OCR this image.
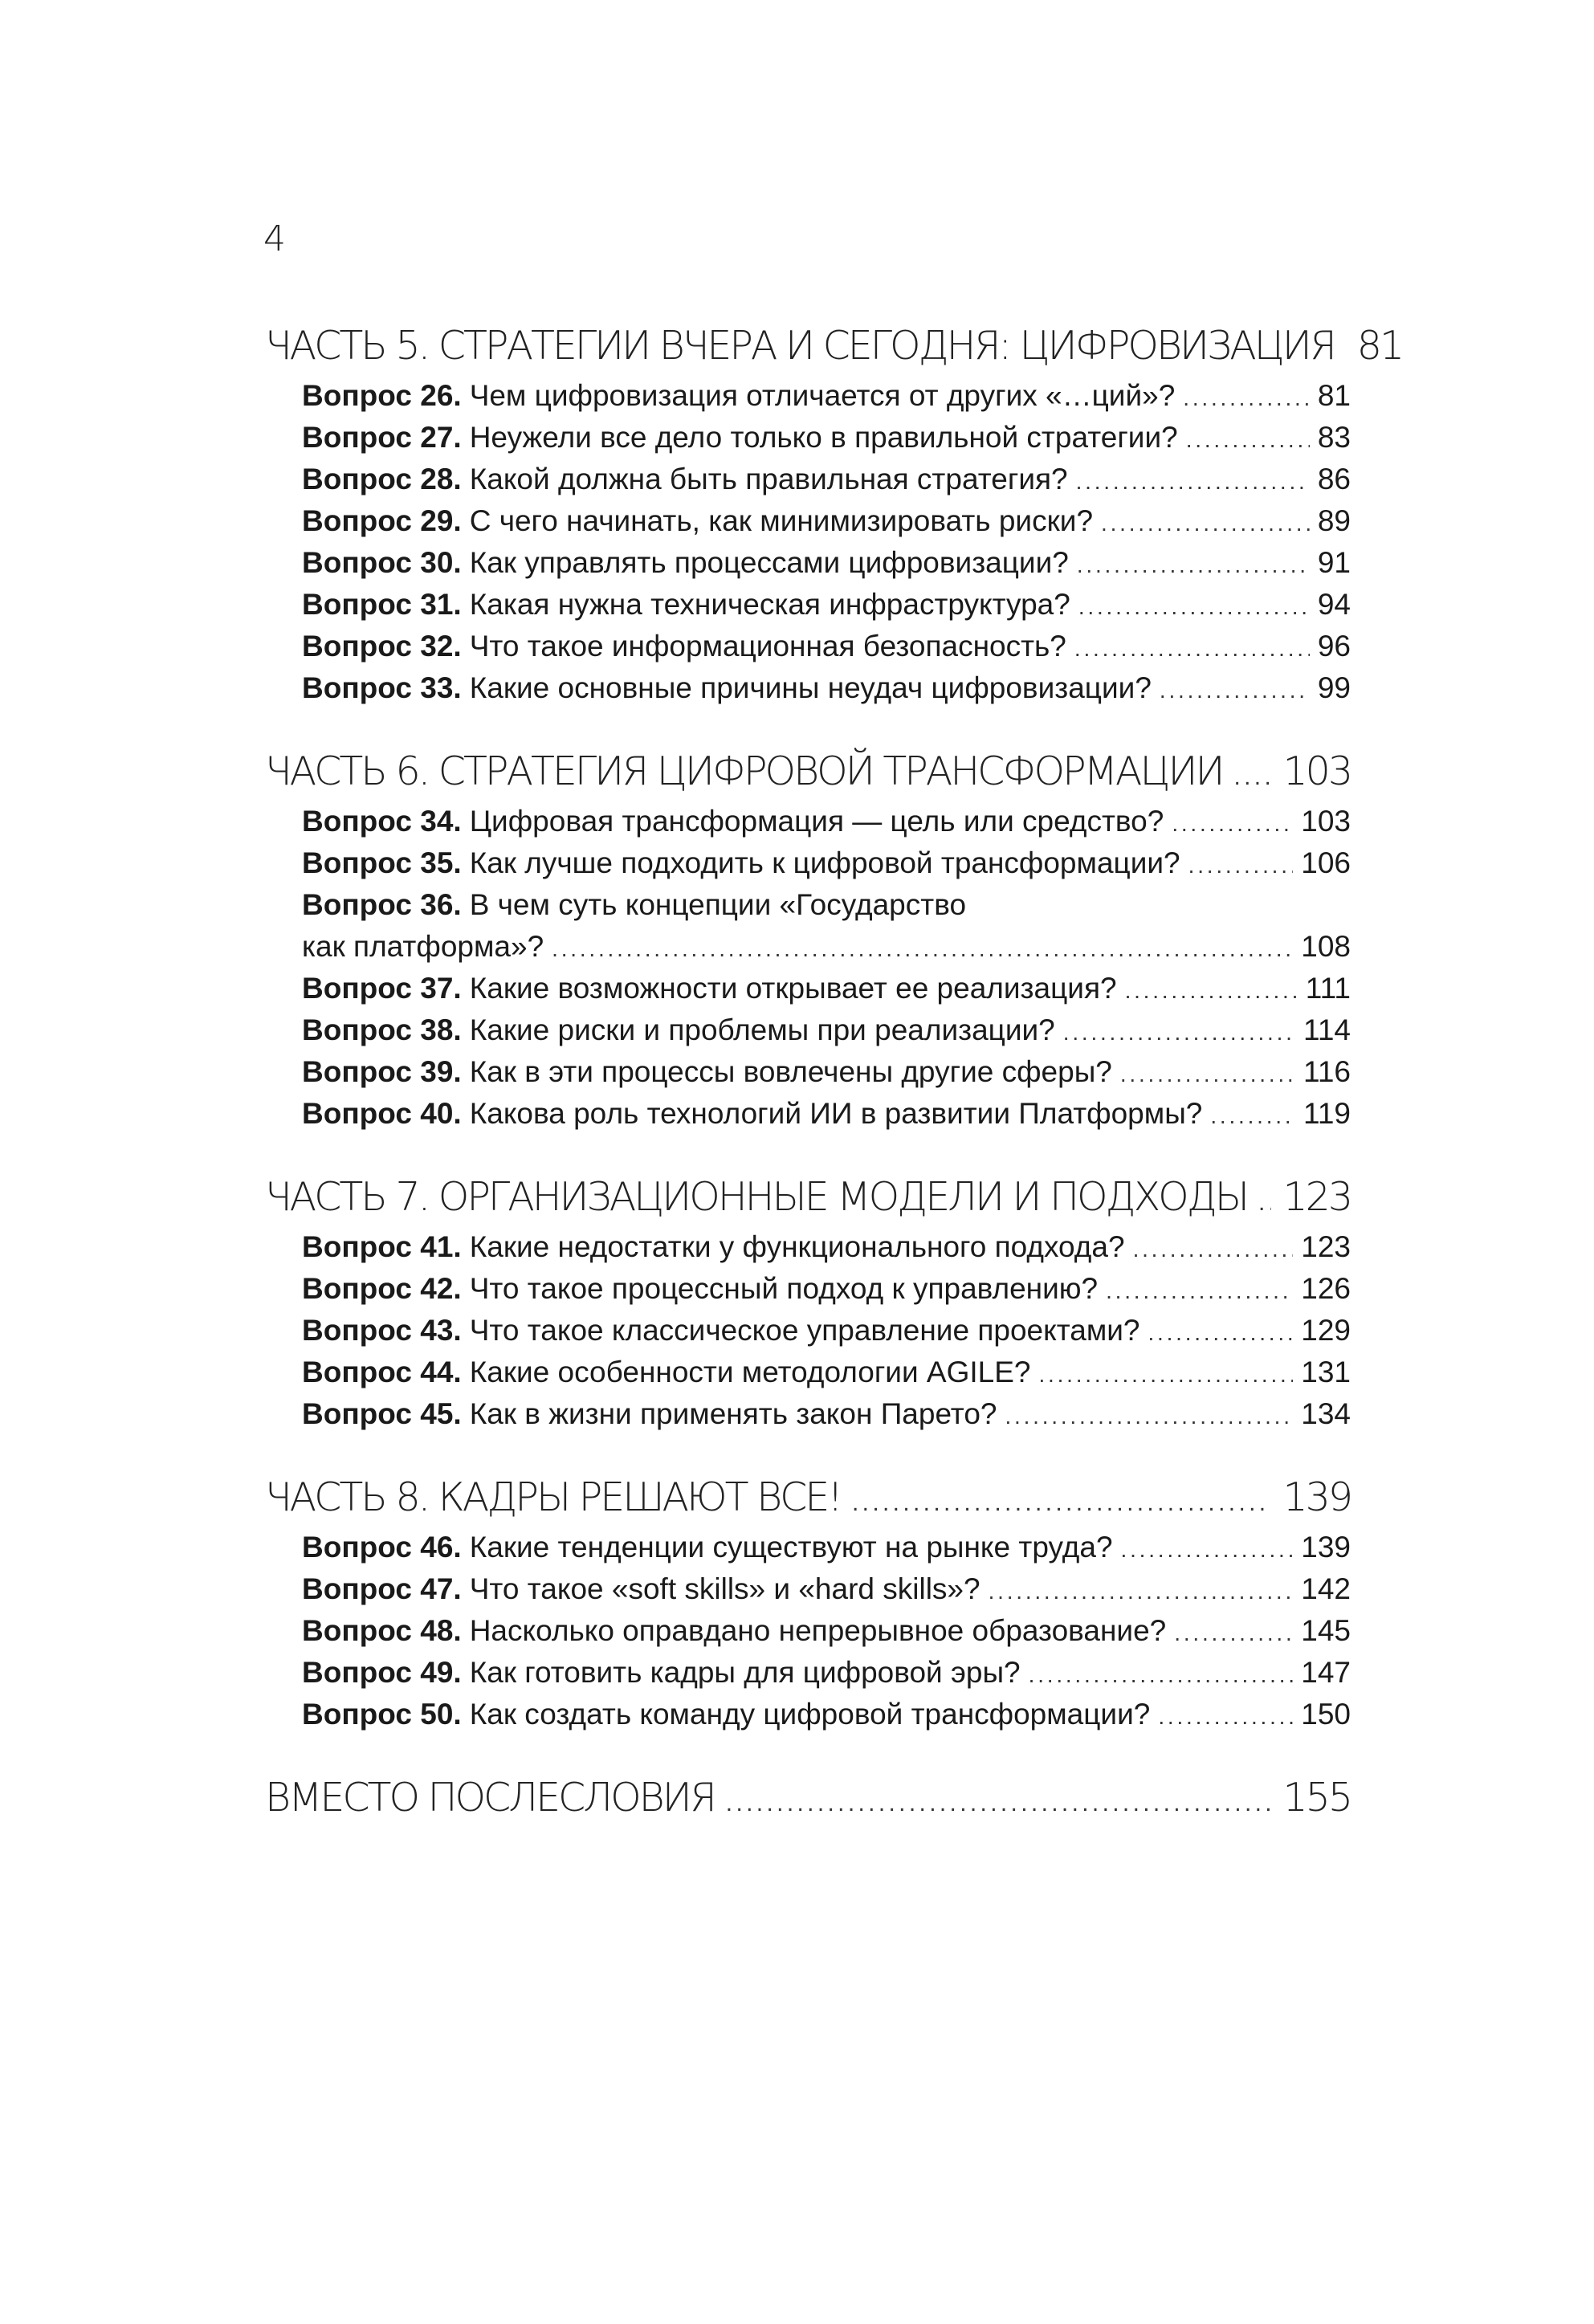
4
ЧАСТЬ 5. СТРАТЕГИИ ВЧЕРА И СЕГОДНЯ: ЦИФРОВИЗАЦИЯ 81
Вопрос 26. Чем цифровизация отличается от других «…ций»? . . .	81
Вопрос 27. Неужели все дело только в правильной стратегии? . . .	83
Вопрос 28. Какой должна быть правильная стратегия? . . .	86
Вопрос 29. С чего начинать, как минимизировать риски? . . .	89
Вопрос 30. Как управлять процессами цифровизации? . . .	91
Вопрос 31. Какая нужна техническая инфраструктура? . . .	94
Вопрос 32. Что такое информационная безопасность? . . .	96
Вопрос 33. Какие основные причины неудач цифровизации? . . .	99
ЧАСТЬ 6. СТРАТЕГИЯ ЦИФРОВОЙ ТРАНСФОРМАЦИИ . . . 103
Вопрос 34. Цифровая трансформация — цель или средство? . . .	103
Вопрос 35. Как лучше подходить к цифровой трансформации? . . .	106
Вопрос 36. В чем суть концепции «Государство
как платформа»? . . .	108
Вопрос 37. Какие возможности открывает ее реализация? . . .	111
Вопрос 38. Какие риски и проблемы при реализации? . . .	114
Вопрос 39. Как в эти процессы вовлечены другие сферы? . . .	116
Вопрос 40. Какова роль технологий ИИ в развитии Платформы? . . .	119
ЧАСТЬ 7. ОРГАНИЗАЦИОННЫЕ МОДЕЛИ И ПОДХОДЫ . . . 123
Вопрос 41. Какие недостатки у функционального подхода? . . .	123
Вопрос 42. Что такое процессный подход к управлению? . . .	126
Вопрос 43. Что такое классическое управление проектами? . . .	129
Вопрос 44. Какие особенности методологии AGILE? . . .	131
Вопрос 45. Как в жизни применять закон Парето? . . .	134
ЧАСТЬ 8. КАДРЫ РЕШАЮТ ВСЕ! . . .	139
Вопрос 46. Какие тенденции существуют на рынке труда? . . .	139
Вопрос 47. Что такое «soft skills» и «hard skills»? . . .	142
Вопрос 48. Насколько оправдано непрерывное образование? . . .	145
Вопрос 49. Как готовить кадры для цифровой эры? . . .	147
Вопрос 50. Как создать команду цифровой трансформации? . . .	150
ВМЕСТО ПОСЛЕСЛОВИЯ . . .	155
